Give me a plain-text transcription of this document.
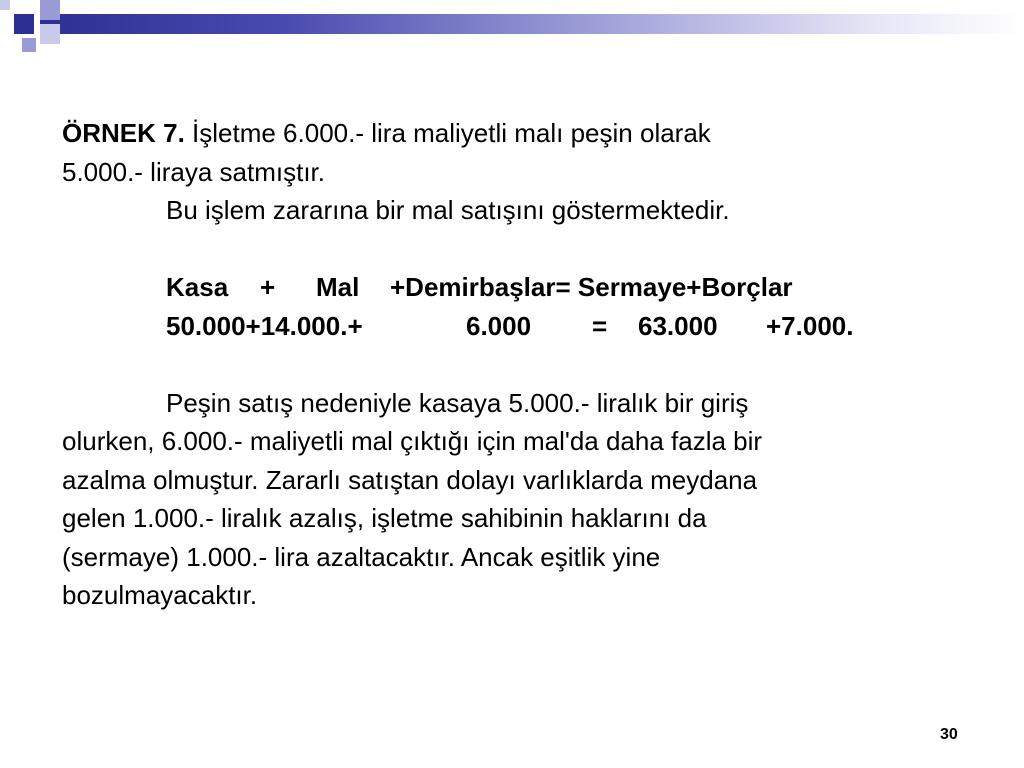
ÖRNEK 7. İşletme 6.000.- lira maliyetli malı peşin olarak
5.000.- liraya satmıştır.
Bu işlem zararına bir mal satışını göstermektedir.
Kasa + Mal +Demirbaşlar= Sermaye+Borçlar
50.000+14.000.+	6.000 = 63.000 +7.000.
Peşin satış nedeniyle kasaya 5.000.- liralık bir giriş
olurken, 6.000.- maliyetli mal çıktığı için mal'da daha fazla bir
azalma olmuştur. Zararlı satıştan dolayı varlıklarda meydana
gelen 1.000.- liralık azalış, işletme sahibinin haklarını da
(sermaye) 1.000.- lira azaltacaktır. Ancak eşitlik yine
bozulmayacaktır.
30
